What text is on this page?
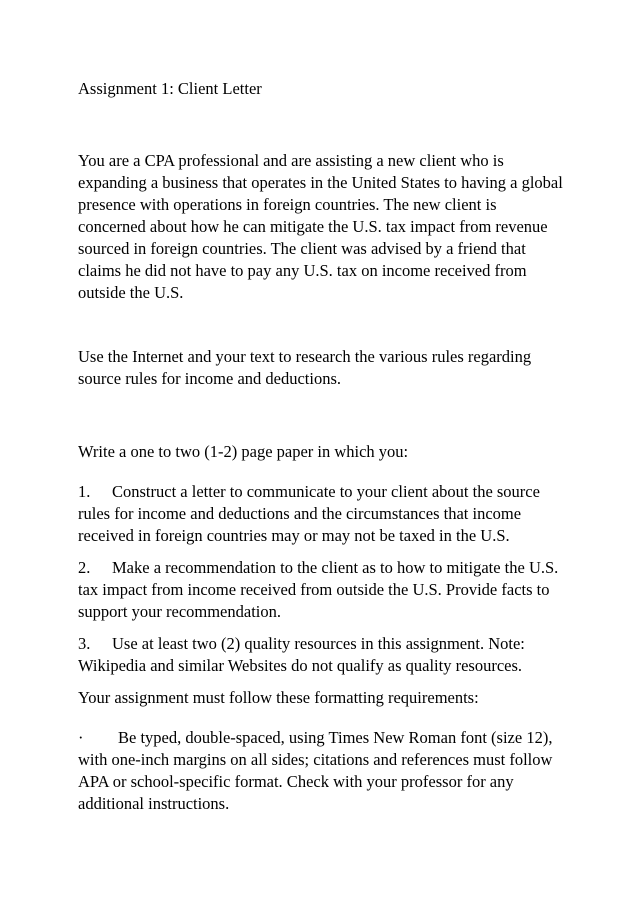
Assignment 1: Client Letter

You are a CPA professional and are assisting a new client who is expanding a business that operates in the United States to having a global presence with operations in foreign countries. The new client is concerned about how he can mitigate the U.S. tax impact from revenue sourced in foreign countries. The client was advised by a friend that claims he did not have to pay any U.S. tax on income received from outside the U.S.

Use the Internet and your text to research the various rules regarding source rules for income and deductions.

Write a one to two (1-2) page paper in which you:

1. Construct a letter to communicate to your client about the source rules for income and deductions and the circumstances that income received in foreign countries may or may not be taxed in the U.S.

2. Make a recommendation to the client as to how to mitigate the U.S. tax impact from income received from outside the U.S. Provide facts to support your recommendation.

3. Use at least two (2) quality resources in this assignment. Note: Wikipedia and similar Websites do not qualify as quality resources.

Your assignment must follow these formatting requirements:

· Be typed, double-spaced, using Times New Roman font (size 12), with one-inch margins on all sides; citations and references must follow APA or school-specific format. Check with your professor for any additional instructions.
